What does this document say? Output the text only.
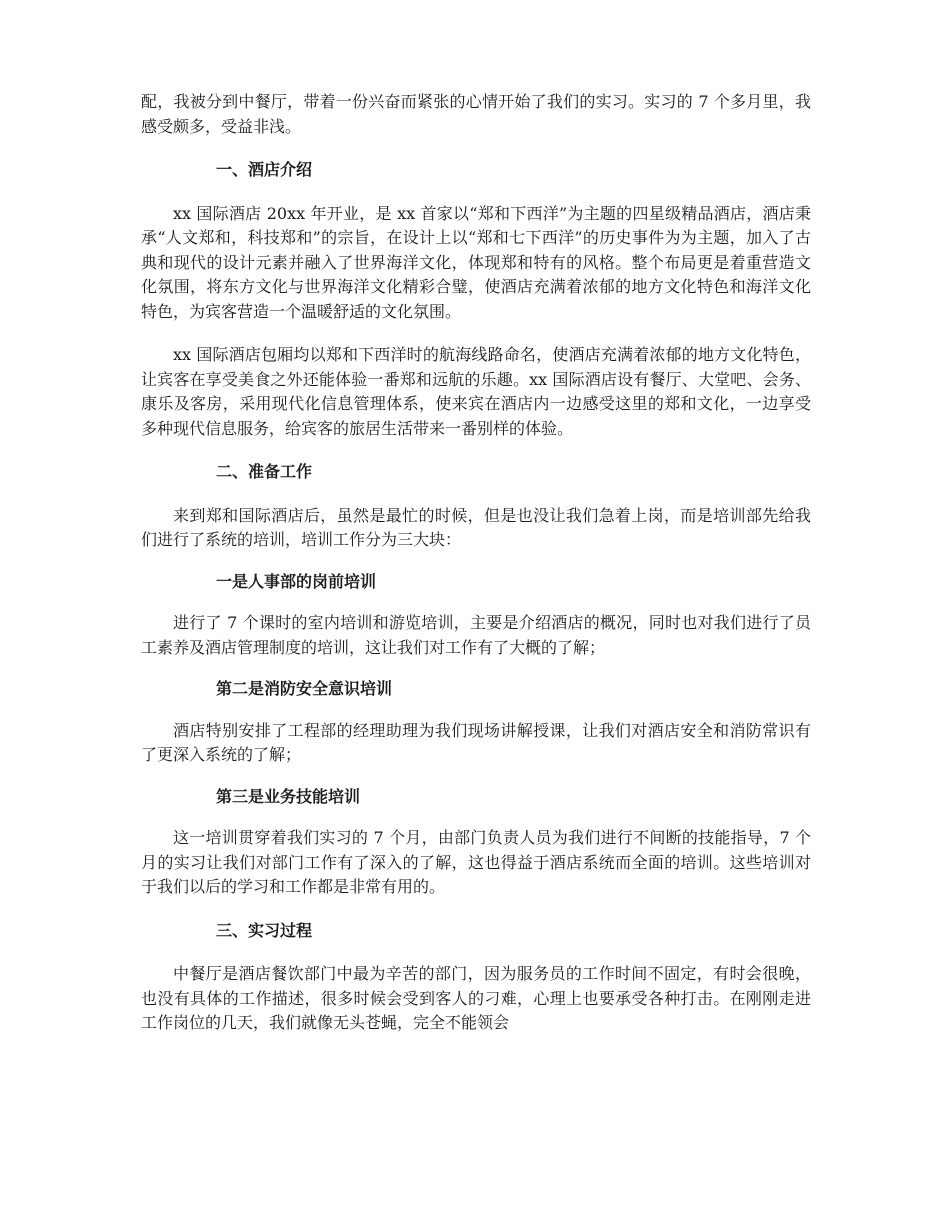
配，我被分到中餐厅，带着一份兴奋而紧张的心情开始了我们的实习。实习的 7 个多月里，我感受颇多，受益非浅。

一、酒店介绍

xx 国际酒店 20xx 年开业，是 xx 首家以“郑和下西洋”为主题的四星级精品酒店，酒店秉承“人文郑和，科技郑和”的宗旨，在设计上以“郑和七下西洋”的历史事件为为主题，加入了古典和现代的设计元素并融入了世界海洋文化，体现郑和特有的风格。整个布局更是着重营造文化氛围，将东方文化与世界海洋文化精彩合璧，使酒店充满着浓郁的地方文化特色和海洋文化特色，为宾客营造一个温暖舒适的文化氛围。

xx 国际酒店包厢均以郑和下西洋时的航海线路命名，使酒店充满着浓郁的地方文化特色，让宾客在享受美食之外还能体验一番郑和远航的乐趣。xx 国际酒店设有餐厅、大堂吧、会务、康乐及客房，采用现代化信息管理体系，使来宾在酒店内一边感受这里的郑和文化，一边享受多种现代信息服务，给宾客的旅居生活带来一番别样的体验。

二、准备工作

来到郑和国际酒店后，虽然是最忙的时候，但是也没让我们急着上岗，而是培训部先给我们进行了系统的培训，培训工作分为三大块：

一是人事部的岗前培训

进行了 7 个课时的室内培训和游览培训，主要是介绍酒店的概况，同时也对我们进行了员工素养及酒店管理制度的培训，这让我们对工作有了大概的了解；

第二是消防安全意识培训

酒店特别安排了工程部的经理助理为我们现场讲解授课，让我们对酒店安全和消防常识有了更深入系统的了解；

第三是业务技能培训

这一培训贯穿着我们实习的 7 个月，由部门负责人员为我们进行不间断的技能指导，7 个月的实习让我们对部门工作有了深入的了解，这也得益于酒店系统而全面的培训。这些培训对于我们以后的学习和工作都是非常有用的。

三、实习过程

中餐厅是酒店餐饮部门中最为辛苦的部门，因为服务员的工作时间不固定，有时会很晚，也没有具体的工作描述，很多时候会受到客人的刁难，心理上也要承受各种打击。在刚刚走进工作岗位的几天，我们就像无头苍蝇，完全不能领会
